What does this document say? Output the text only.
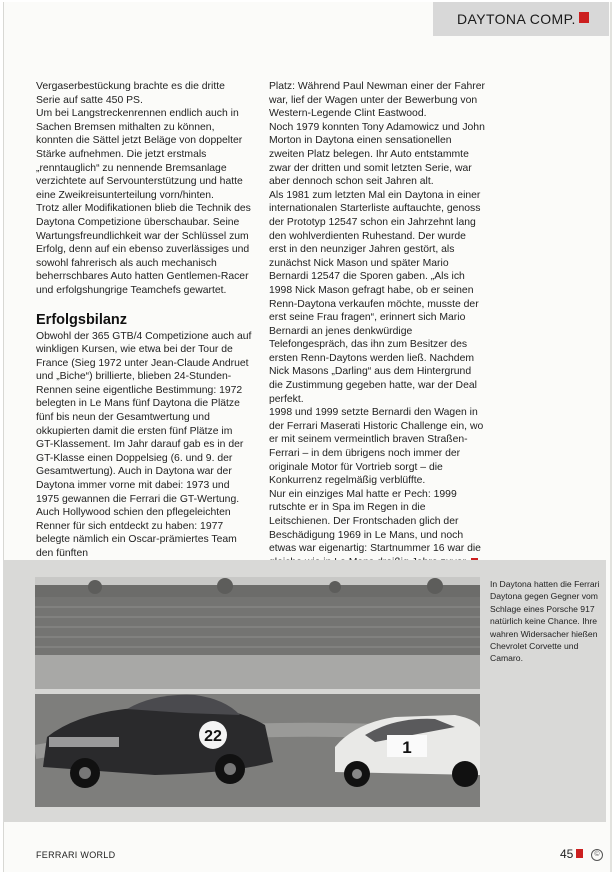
DAYTONA COMP.

Vergaserbestückung brachte es die dritte Serie auf satte 450 PS.

Um bei Langstreckenrennen endlich auch in Sachen Bremsen mithalten zu können, konnten die Sättel jetzt Beläge von doppelter Stärke aufnehmen. Die jetzt erstmals „renntauglich“ zu nennende Bremsanlage verzichtete auf Servounterstützung und hatte eine Zweikreisunterteilung vorn/hinten.

Trotz aller Modifikationen blieb die Technik des Daytona Competizione überschaubar. Seine Wartungsfreundlichkeit war der Schlüssel zum Erfolg, denn auf ein ebenso zuverlässiges und sowohl fahrerisch als auch mechanisch beherrschbares Auto hatten Gentlemen-Racer und erfolgshungrige Teamchefs gewartet.

Erfolgsbilanz

Obwohl der 365 GTB/4 Competizione auch auf winkligen Kursen, wie etwa bei der Tour de France (Sieg 1972 unter Jean-Claude Andruet und „Biche“) brillierte, blieben 24-Stunden-Rennen seine eigentliche Bestimmung: 1972 belegten in Le Mans fünf Daytona die Plätze fünf bis neun der Gesamtwertung und okkupierten damit die ersten fünf Plätze im GT-Klassement. Im Jahr darauf gab es in der GT-Klasse einen Doppelsieg (6. und 9. der Gesamtwertung). Auch in Daytona war der Daytona immer vorne mit dabei: 1973 und 1975 gewannen die Ferrari die GT-Wertung.

Auch Hollywood schien den pflegeleichten Renner für sich entdeckt zu haben: 1977 belegte nämlich ein Oscar-prämiertes Team den fünften

Platz: Während Paul Newman einer der Fahrer war, lief der Wagen unter der Bewerbung von Western-Legende Clint Eastwood.

Noch 1979 konnten Tony Adamowicz und John Morton in Daytona einen sensationellen zweiten Platz belegen. Ihr Auto entstammte zwar der dritten und somit letzten Serie, war aber dennoch schon seit Jahren alt.

Als 1981 zum letzten Mal ein Daytona in einer internationalen Starterliste auftauchte, genoss der Prototyp 12547 schon ein Jahrzehnt lang den wohlverdienten Ruhestand. Der wurde erst in den neunziger Jahren gestört, als zunächst Nick Mason und später Mario Bernardi 12547 die Sporen gaben. „Als ich 1998 Nick Mason gefragt habe, ob er seinen Renn-Daytona verkaufen möchte, musste der erst seine Frau fragen“, erinnert sich Mario Bernardi an jenes denkwürdige Telefongespräch, das ihn zum Besitzer des ersten Renn-Daytons werden ließ. Nachdem Nick Masons „Darling“ aus dem Hintergrund die Zustimmung gegeben hatte, war der Deal perfekt.

1998 und 1999 setzte Bernardi den Wagen in der Ferrari Maserati Historic Challenge ein, wo er mit seinem vermeintlich braven Straßen-Ferrari – in dem übrigens noch immer der originale Motor für Vortrieb sorgt – die Konkurrenz regelmäßig verblüffte.

Nur ein einziges Mal hatte er Pech: 1999 rutschte er in Spa im Regen in die Leitschienen. Der Frontschaden glich der Beschädigung 1969 in Le Mans, und noch etwas war eigenartig: Startnummer 16 war die

22
1
In Daytona hatten die Ferrari Daytona gegen Gegner vom Schlage eines Porsche 917 natürlich keine Chance. Ihre wahren Widersacher hießen Chevrolet Corvette und Camaro.
FERRARI WORLD	45	©
